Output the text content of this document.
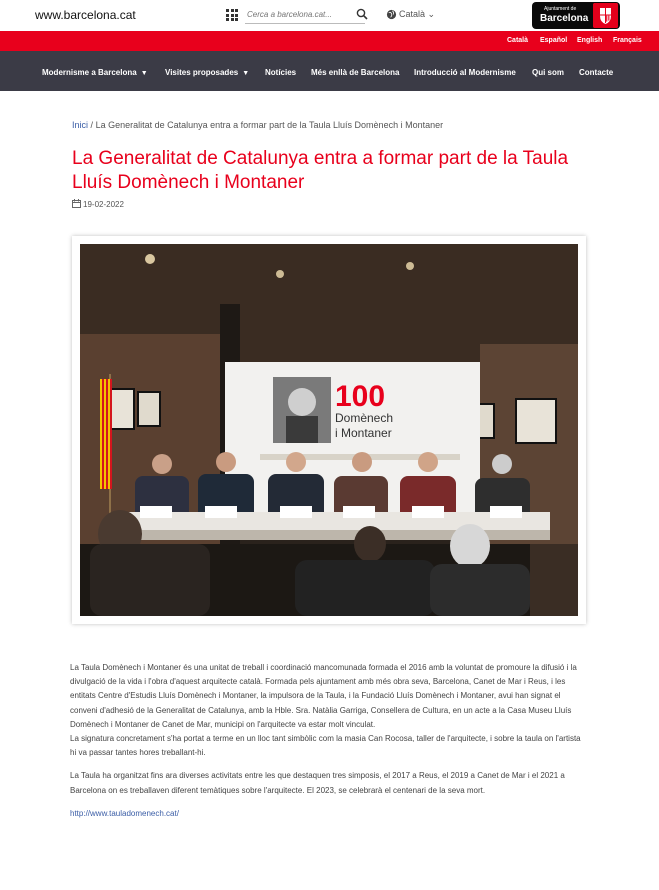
www.barcelona.cat
Cerca a barcelona.cat...	Català ⌄	Ajuntament de
Barcelona
Català Español English Français
Modernisme a Barcelona ▼ Visites proposades ▼ Notícies Més enllà de Barcelona Introducció al Modernisme Qui som Contacte
Inici / La Generalitat de Catalunya entra a formar part de la Taula Lluís Domènech i Montaner
La Generalitat de Catalunya entra a formar part de la Taula Lluís Domènech i Montaner
19-02-2022
100
Domènech
i Montaner

La Taula Domènech i Montaner és una unitat de treball i coordinació mancomunada formada el 2016 amb la voluntat de promoure la difusió i la divulgació de la vida i l'obra d'aquest arquitecte català. Formada pels ajuntament amb més obra seva, Barcelona, Canet de Mar i Reus, i les entitats Centre d'Estudis Lluís Domènech i Montaner, la impulsora de la Taula, i la Fundació Lluís Domènech i Montaner, avui han signat el conveni d'adhesió de la Generalitat de Catalunya, amb la Hble. Sra. Natàlia Garriga, Consellera de Cultura, en un acte a la Casa Museu Lluís Domènech i Montaner de Canet de Mar, municipi on l'arquitecte va estar molt vinculat.
La signatura concretament s'ha portat a terme en un lloc tant simbòlic com la masia Can Rocosa, taller de l'arquitecte, i sobre la taula on l'artista hi va passar tantes hores treballant-hi.

La Taula ha organitzat fins ara diverses activitats entre les que destaquen tres simposis, el 2017 a Reus, el 2019 a Canet de Mar i el 2021 a Barcelona on es treballaven diferent temàtiques sobre l'arquitecte. El 2023, se celebrarà el centenari de la seva mort.

http://www.tauladomenech.cat/
